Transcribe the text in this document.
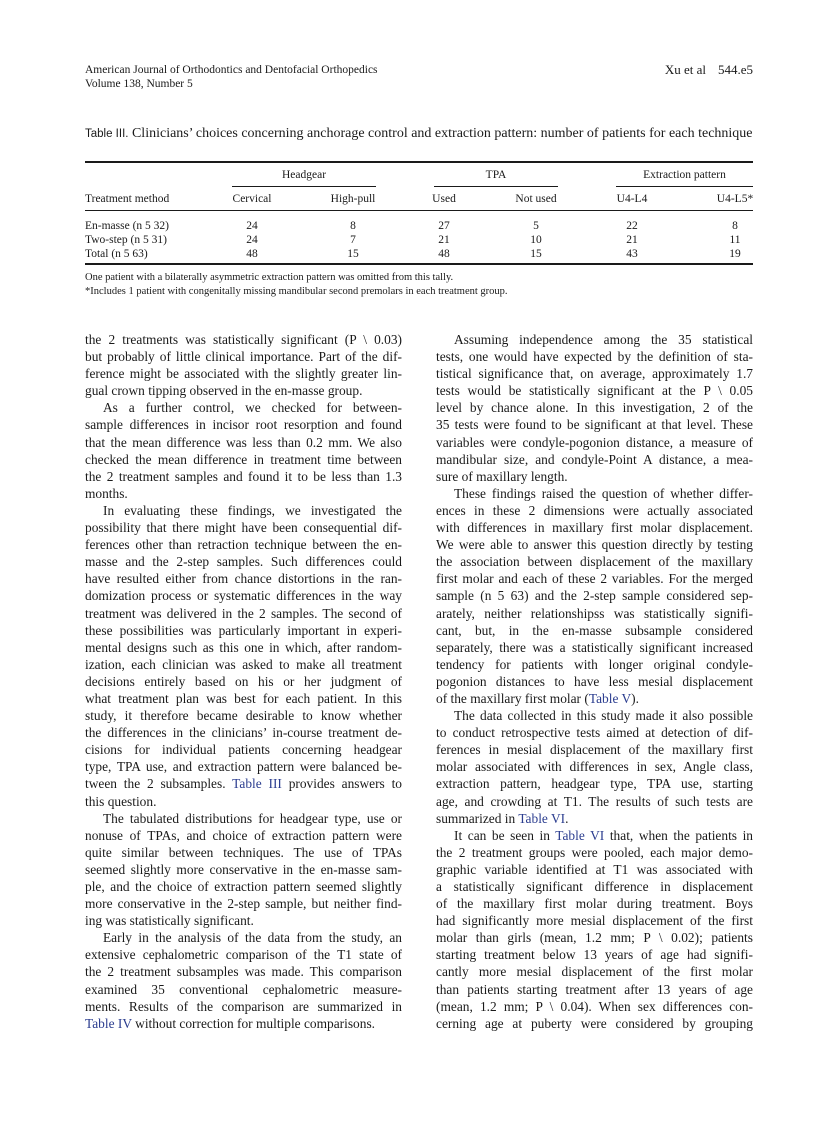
American Journal of Orthodontics and Dentofacial Orthopedics
Volume 138, Number 5
Xu et al 544.e5
Table III. Clinicians’ choices concerning anchorage control and extraction pattern: number of patients for each technique
Headgear	TPA	Extraction pattern
Treatment method	Cervical	High-pull	Used	Not used	U4-L4	U4-L5*
En-masse (n 5 32)	24	8	27	5	22	8
Two-step (n 5 31)	24	7	21	10	21	11
Total (n 5 63)	48	15	48	15	43	19
One patient with a bilaterally asymmetric extraction pattern was omitted from this tally.
*Includes 1 patient with congenitally missing mandibular second premolars in each treatment group.
the 2 treatments was statistically significant (P \ 0.03)
but probably of little clinical importance. Part of the dif-
ference might be associated with the slightly greater lin-
gual crown tipping observed in the en-masse group.
As a further control, we checked for between-
sample differences in incisor root resorption and found
that the mean difference was less than 0.2 mm. We also
checked the mean difference in treatment time between
the 2 treatment samples and found it to be less than 1.3
months.
In evaluating these findings, we investigated the
possibility that there might have been consequential dif-
ferences other than retraction technique between the en-
masse and the 2-step samples. Such differences could
have resulted either from chance distortions in the ran-
domization process or systematic differences in the way
treatment was delivered in the 2 samples. The second of
these possibilities was particularly important in experi-
mental designs such as this one in which, after random-
ization, each clinician was asked to make all treatment
decisions entirely based on his or her judgment of
what treatment plan was best for each patient. In this
study, it therefore became desirable to know whether
the differences in the clinicians’ in-course treatment de-
cisions for individual patients concerning headgear
type, TPA use, and extraction pattern were balanced be-
tween the 2 subsamples. Table III provides answers to
this question.
The tabulated distributions for headgear type, use or
nonuse of TPAs, and choice of extraction pattern were
quite similar between techniques. The use of TPAs
seemed slightly more conservative in the en-masse sam-
ple, and the choice of extraction pattern seemed slightly
more conservative in the 2-step sample, but neither find-
ing was statistically significant.
Early in the analysis of the data from the study, an
extensive cephalometric comparison of the T1 state of
the 2 treatment subsamples was made. This comparison
examined 35 conventional cephalometric measure-
ments. Results of the comparison are summarized in
Table IV without correction for multiple comparisons.
Assuming independence among the 35 statistical
tests, one would have expected by the definition of sta-
tistical significance that, on average, approximately 1.7
tests would be statistically significant at the P \ 0.05
level by chance alone. In this investigation, 2 of the
35 tests were found to be significant at that level. These
variables were condyle-pogonion distance, a measure of
mandibular size, and condyle-Point A distance, a mea-
sure of maxillary length.
These findings raised the question of whether differ-
ences in these 2 dimensions were actually associated
with differences in maxillary first molar displacement.
We were able to answer this question directly by testing
the association between displacement of the maxillary
first molar and each of these 2 variables. For the merged
sample (n 5 63) and the 2-step sample considered sep-
arately, neither relationshipss was statistically signifi-
cant, but, in the en-masse subsample considered
separately, there was a statistically significant increased
tendency for patients with longer original condyle-
pogonion distances to have less mesial displacement
of the maxillary first molar (Table V).
The data collected in this study made it also possible
to conduct retrospective tests aimed at detection of dif-
ferences in mesial displacement of the maxillary first
molar associated with differences in sex, Angle class,
extraction pattern, headgear type, TPA use, starting
age, and crowding at T1. The results of such tests are
summarized in Table VI.
It can be seen in Table VI that, when the patients in
the 2 treatment groups were pooled, each major demo-
graphic variable identified at T1 was associated with
a statistically significant difference in displacement
of the maxillary first molar during treatment. Boys
had significantly more mesial displacement of the first
molar than girls (mean, 1.2 mm; P \ 0.02); patients
starting treatment below 13 years of age had signifi-
cantly more mesial displacement of the first molar
than patients starting treatment after 13 years of age
(mean, 1.2 mm; P \ 0.04). When sex differences con-
cerning age at puberty were considered by grouping
